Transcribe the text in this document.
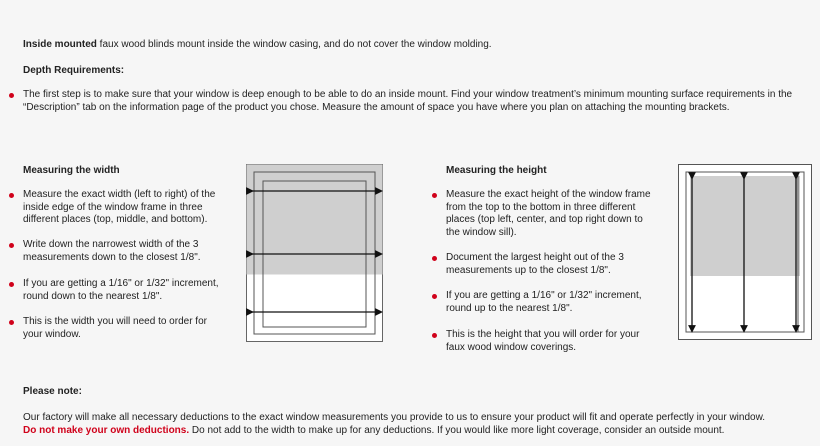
Inside mounted faux wood blinds mount inside the window casing, and do not cover the window molding.

Depth Requirements:

The first step is to make sure that your window is deep enough to be able to do an inside mount. Find your window treatment’s minimum mounting surface requirements in the “Description” tab on the information page of the product you chose. Measure the amount of space you have where you plan on attaching the mounting brackets.

Measuring the width

Measure the exact width (left to right) of the inside edge of the window frame in three different places (top, middle, and bottom).
Write down the narrowest width of the 3 measurements down to the closest 1/8".
If you are getting a 1/16" or 1/32" increment, round down to the nearest 1/8".
This is the width you will need to order for your window.

Measuring the height

Measure the exact height of the window frame from the top to the bottom in three different places (top left, center, and top right down to the window sill).
Document the largest height out of the 3 measurements up to the closest 1/8".
If you are getting a 1/16" or 1/32" increment, round up to the nearest 1/8".
This is the height that you will order for your faux wood window coverings.

Please note:

Our factory will make all necessary deductions to the exact window measurements you provide to us to ensure your product will fit and operate perfectly in your window.

Do not make your own deductions. Do not add to the width to make up for any deductions. If you would like more light coverage, consider an outside mount.
